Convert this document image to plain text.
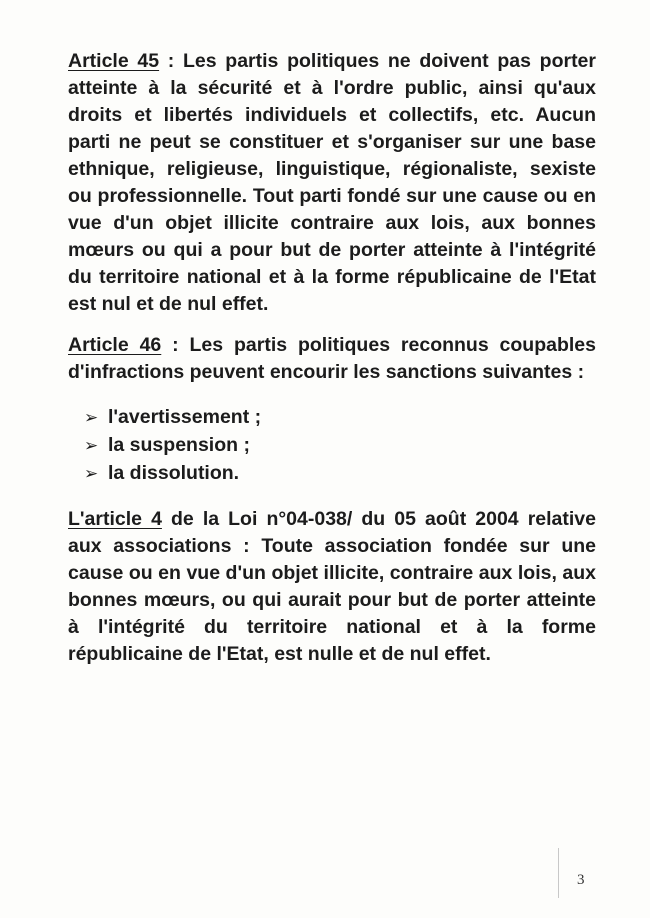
Article 45 : Les partis politiques ne doivent pas porter atteinte à la sécurité et à l'ordre public, ainsi qu'aux droits et libertés individuels et collectifs, etc. Aucun parti ne peut se constituer et s'organiser sur une base ethnique, religieuse, linguistique, régionaliste, sexiste ou professionnelle. Tout parti fondé sur une cause ou en vue d'un objet illicite contraire aux lois, aux bonnes mœurs ou qui a pour but de porter atteinte à l'intégrité du territoire national et à la forme républicaine de l'Etat est nul et de nul effet.

Article 46 : Les partis politiques reconnus coupables d'infractions peuvent encourir les sanctions suivantes :

➢ l'avertissement ;
➢ la suspension ;
➢ la dissolution.

L'article 4 de la Loi n°04-038/ du 05 août 2004 relative aux associations : Toute association fondée sur une cause ou en vue d'un objet illicite, contraire aux lois, aux bonnes mœurs, ou qui aurait pour but de porter atteinte à l'intégrité du territoire national et à la forme républicaine de l'Etat, est nulle et de nul effet.

3
